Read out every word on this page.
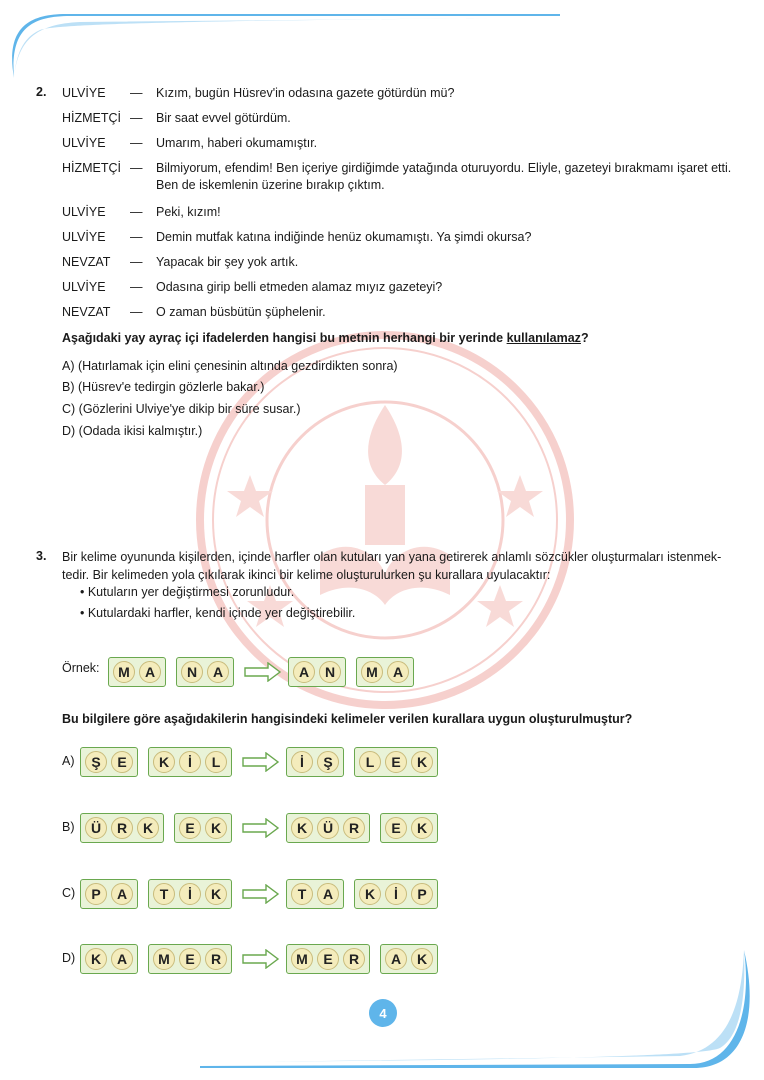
2. ULVİYE	— Kızım, bugün Hüsrev'in odasına gazete götürdün mü?
HİZMETÇİ — Bir saat evvel götürdüm.
ULVİYE	— Umarım, haberi okumamıştır.
HİZMETÇİ — Bilmiyorum, efendim! Ben içeriye girdiğimde yatağında oturuyordu. Eliyle, gazeteyi bırakmamı işaret etti. Ben de iskemlenin üzerine bırakıp çıktım.
ULVİYE	— Peki, kızım!
ULVİYE	— Demin mutfak katına indiğinde henüz okumamıştı. Ya şimdi okursa?
NEVZAT	— Yapacak bir şey yok artık.
ULVİYE	— Odasına girip belli etmeden alamaz mıyız gazeteyi?
NEVZAT	— O zaman büsbütün şüphelenir.
Aşağıdaki yay ayraç içi ifadelerden hangisi bu metnin herhangi bir yerinde kullanılamaz?
A) (Hatırlamak için elini çenesinin altında gezdirdikten sonra)
B) (Hüsrev'e tedirgin gözlerle bakar.)
C) (Gözlerini Ulviye'ye dikip bir süre susar.)
D) (Odada ikisi kalmıştır.)
3. Bir kelime oyununda kişilerden, içinde harfler olan kutuları yan yana getirerek anlamlı sözcükler oluşturmaları istenmek-
tedir. Bir kelimeden yola çıkılarak ikinci bir kelime oluşturulurken şu kurallara uyulacaktır:
• Kutuların yer değiştirmesi zorunludur.
• Kutulardaki harfler, kendi içinde yer değiştirebilir.
Örnek:
Bu bilgilere göre aşağıdakilerin hangisindeki kelimeler verilen kurallara uygun oluşturulmuştur?
A)
B)
C)
D)
M	A	N	A	A	N	M	A
Ş	E	K	İ	L	İ	Ş	L	E	K
Ü	R	K	E	K	K	Ü	R	E	K
P	A	T	İ	K	T	A	K	İ	P
K	A	M	E	R	M	E	R	A	K
4
